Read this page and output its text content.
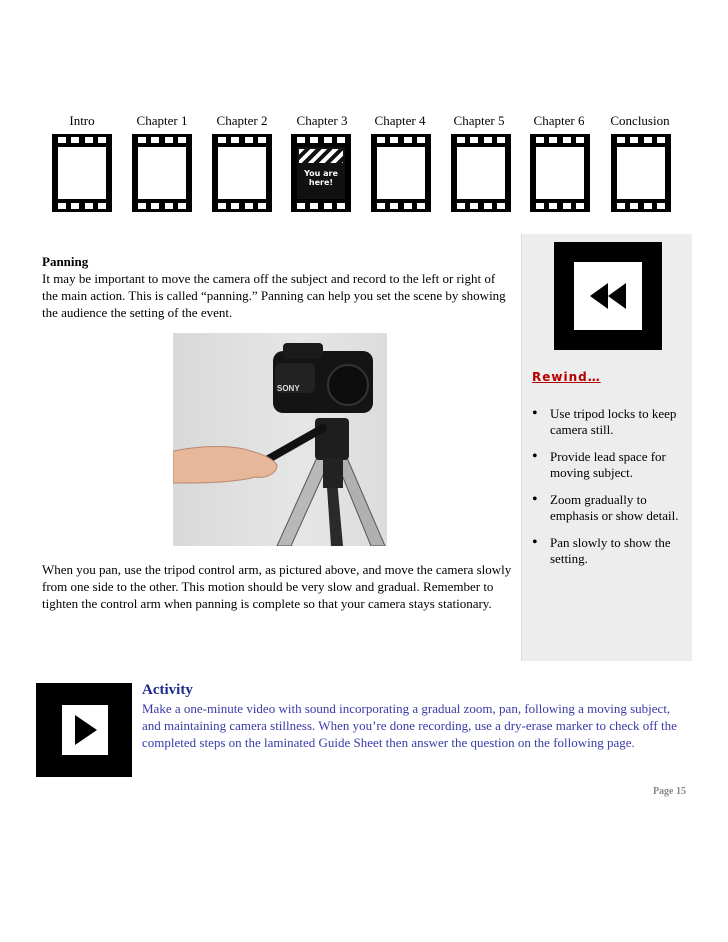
Intro	Chapter 1	Chapter 2	Chapter 3
You are
here!
Chapter 4	Chapter 5	Chapter 6	Conclusion
Panning
It may be important to move the camera off the subject and record to the left or right of the main action. This is called “panning.” Panning can help you set the scene by showing the audience the setting of the event.
SONY
When you pan, use the tripod control arm, as pictured above, and move the camera slowly from one side to the other. This motion should be very slow and gradual. Remember to tighten the control arm when panning is complete so that your camera stays stationary.
Rewind…
• Use tripod locks to keep camera still.
• Provide lead space for moving subject.
• Zoom gradually to emphasis or show detail.
• Pan slowly to show the setting.
Activity
Make a one-minute video with sound incorporating a gradual zoom, pan, following a moving subject, and maintaining camera stillness. When you’re done recording, use a dry-erase marker to check off the completed steps on the laminated Guide Sheet then answer the question on the following page.
Page 15
